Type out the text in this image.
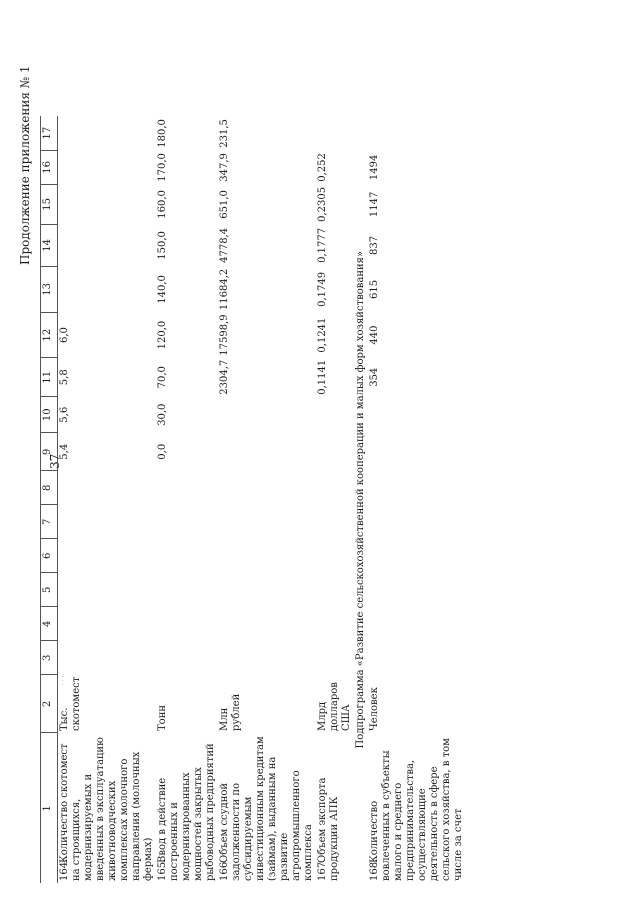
37
Продолжение приложения № 1
· · ·
1	2	3	4	5	6	7	8	9	10	11	12	13	14	15	16	17
164.Количество скотомест на строящихся, модернизируемых и введенных в эксплуатацию животноводческих комплексах молочного направления (молочных фермах)	Тыс. скотомест							5,4	5,6	5,8	6,0					
165.Ввод в действие построенных и модернизированных мощностей закрытых рыбоводных предприятий	Тонн							0,0	30,0	70,0	120,0	140,0	150,0	160,0	170,0	180,0
166.Объем ссудной задолженности по субсидируемым инвестиционным кредитам (займам), выданным на развитие агропромышленного комплекса	Млн рублей									2304,7	17598,9	11684,2	4778,4	651,0	347,9	231,5
167.Объем экспорта продукции АПК	Млрд долларов США									0,1141	0,1241	0,1749	0,1777	0,2305	0,252	
Подпрограмма «Развитие сельскохозяйственной кооперации и малых форм хозяйствования»																
168.Количество вовлеченных в субъекты малого и среднего предпринимательства, осуществляющие деятельность в сфере сельского хозяйства, в том числе за счет	Человек									354	440	615	837	1147	1494	
